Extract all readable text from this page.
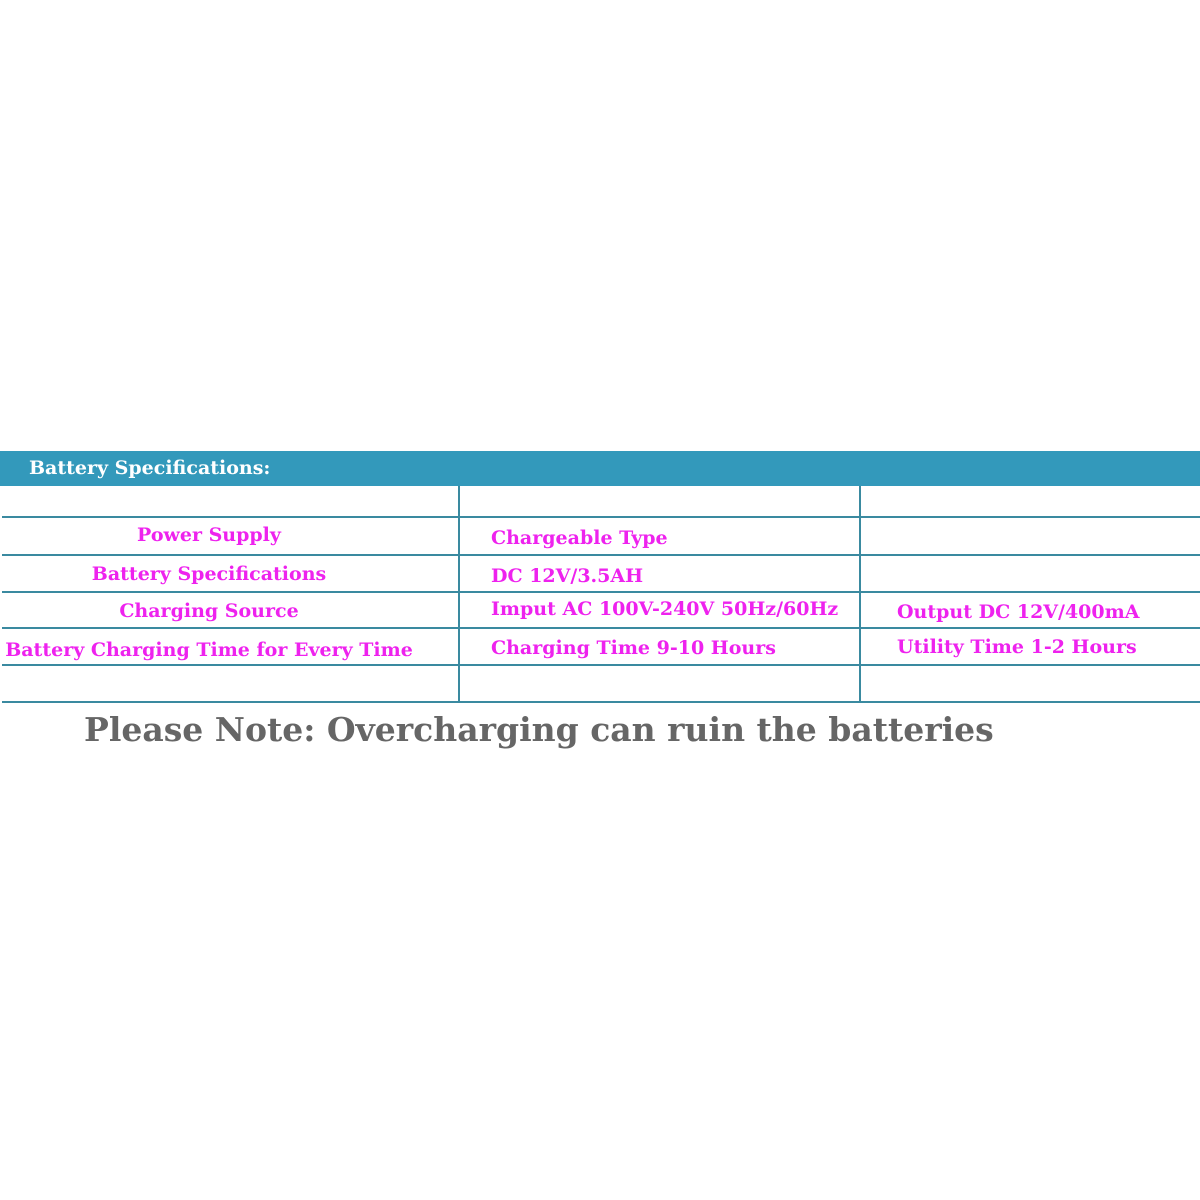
Battery Specifications:
Power Supply	Chargeable Type
Battery Specifications	DC 12V/3.5AH
Charging Source	Imput AC 100V-240V 50Hz/60Hz	Output DC 12V/400mA
Battery Charging Time for Every Time	Charging Time 9-10 Hours	Utility Time 1-2 Hours
Please Note: Overcharging can ruin the batteries
